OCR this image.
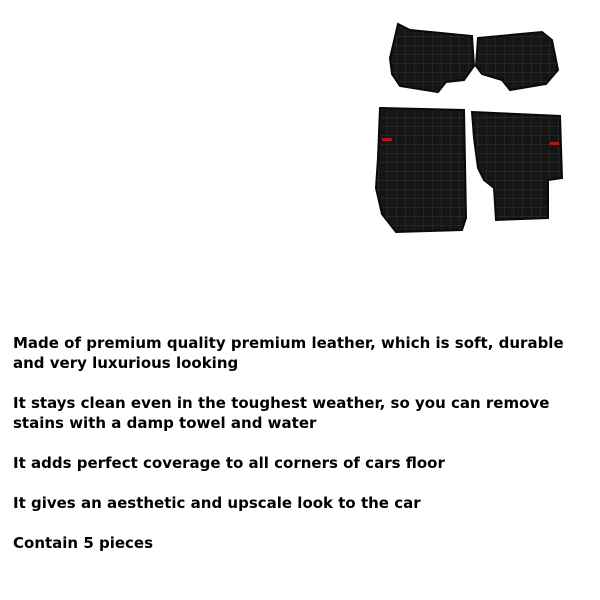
Made of premium quality premium leather, which is soft, durable and very luxurious looking
It stays clean even in the toughest weather, so you can remove stains with a damp towel and water
It adds perfect coverage to all corners of cars floor
It gives an aesthetic and upscale look to the car
Contain 5 pieces
